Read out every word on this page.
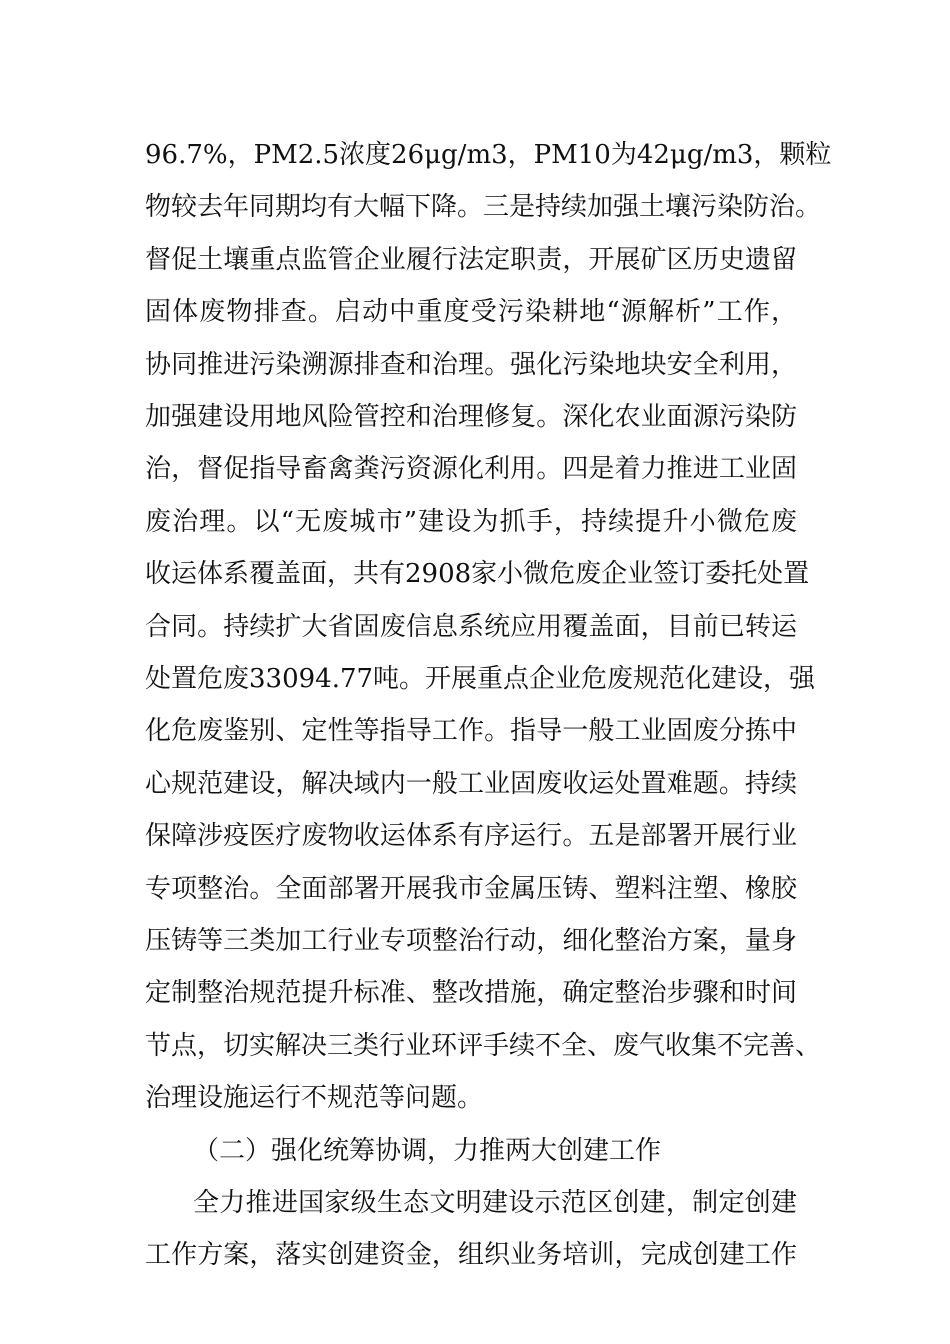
96.7%，PM2.5浓度26μg/m3，PM10为42μg/m3，颗粒
物较去年同期均有大幅下降。三是持续加强土壤污染防治。
督促土壤重点监管企业履行法定职责，开展矿区历史遗留
固体废物排查。启动中重度受污染耕地“源解析”工作，
协同推进污染溯源排查和治理。强化污染地块安全利用，
加强建设用地风险管控和治理修复。深化农业面源污染防
治，督促指导畜禽粪污资源化利用。四是着力推进工业固
废治理。以“无废城市”建设为抓手，持续提升小微危废
收运体系覆盖面，共有2908家小微危废企业签订委托处置
合同。持续扩大省固废信息系统应用覆盖面，目前已转运
处置危废33094.77吨。开展重点企业危废规范化建设，强
化危废鉴别、定性等指导工作。指导一般工业固废分拣中
心规范建设，解决域内一般工业固废收运处置难题。持续
保障涉疫医疗废物收运体系有序运行。五是部署开展行业
专项整治。全面部署开展我市金属压铸、塑料注塑、橡胶
压铸等三类加工行业专项整治行动，细化整治方案，量身
定制整治规范提升标准、整改措施，确定整治步骤和时间
节点，切实解决三类行业环评手续不全、废气收集不完善、
治理设施运行不规范等问题。
（二）强化统筹协调，力推两大创建工作
全力推进国家级生态文明建设示范区创建，制定创建
工作方案，落实创建资金，组织业务培训，完成创建工作
